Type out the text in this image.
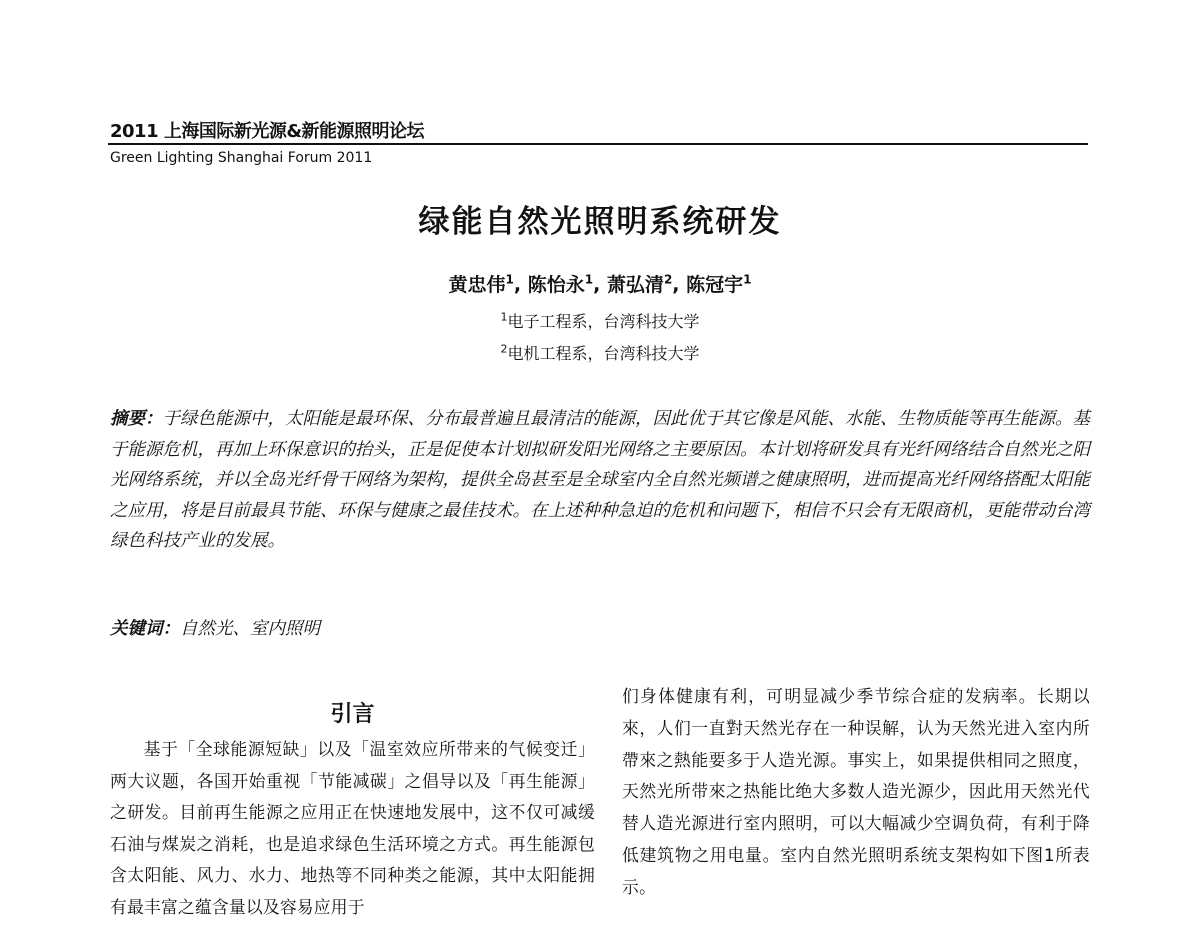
2011 上海国际新光源&新能源照明论坛
Green Lighting Shanghai Forum 2011
绿能自然光照明系统研发
黄忠伟$^1$, 陈怡永$^1$, 萧弘清$^2$, 陈冠宇$^1$
$^1$电子工程系，台湾科技大学
$^2$电机工程系，台湾科技大学
摘要：于绿色能源中，太阳能是最环保、分布最普遍且最清洁的能源，因此优于其它像是风能、水能、生物质能等再生能源。基于能源危机，再加上环保意识的抬头，正是促使本计划拟研发阳光网络之主要原因。本计划将研发具有光纤网络结合自然光之阳光网络系统，并以全岛光纤骨干网络为架构，提供全岛甚至是全球室内全自然光频谱之健康照明，进而提高光纤网络搭配太阳能之应用，将是目前最具节能、环保与健康之最佳技术。在上述种种急迫的危机和问题下，相信不只会有无限商机，更能带动台湾绿色科技产业的发展。
关键词：自然光、室内照明
引言
基于「全球能源短缺」以及「温室效应所带来的气候变迁」两大议题，各国开始重视「节能减碳」之倡导以及「再生能源」之研发。目前再生能源之应用正在快速地发展中，这不仅可减缓石油与煤炭之消耗，也是追求绿色生活环境之方式。再生能源包含太阳能、风力、水力、地热等不同种类之能源，其中太阳能拥有最丰富之蕴含量以及容易应用于
们身体健康有利，可明显减少季节综合症的发病率。长期以來，人们一直對天然光存在一种误解，认为天然光进入室内所帶來之熱能要多于人造光源。事实上，如果提供相同之照度，天然光所带來之热能比绝大多数人造光源少，因此用天然光代替人造光源进行室内照明，可以大幅减少空调负荷，有利于降低建筑物之用电量。室内自然光照明系统支架构如下图1所表示。
